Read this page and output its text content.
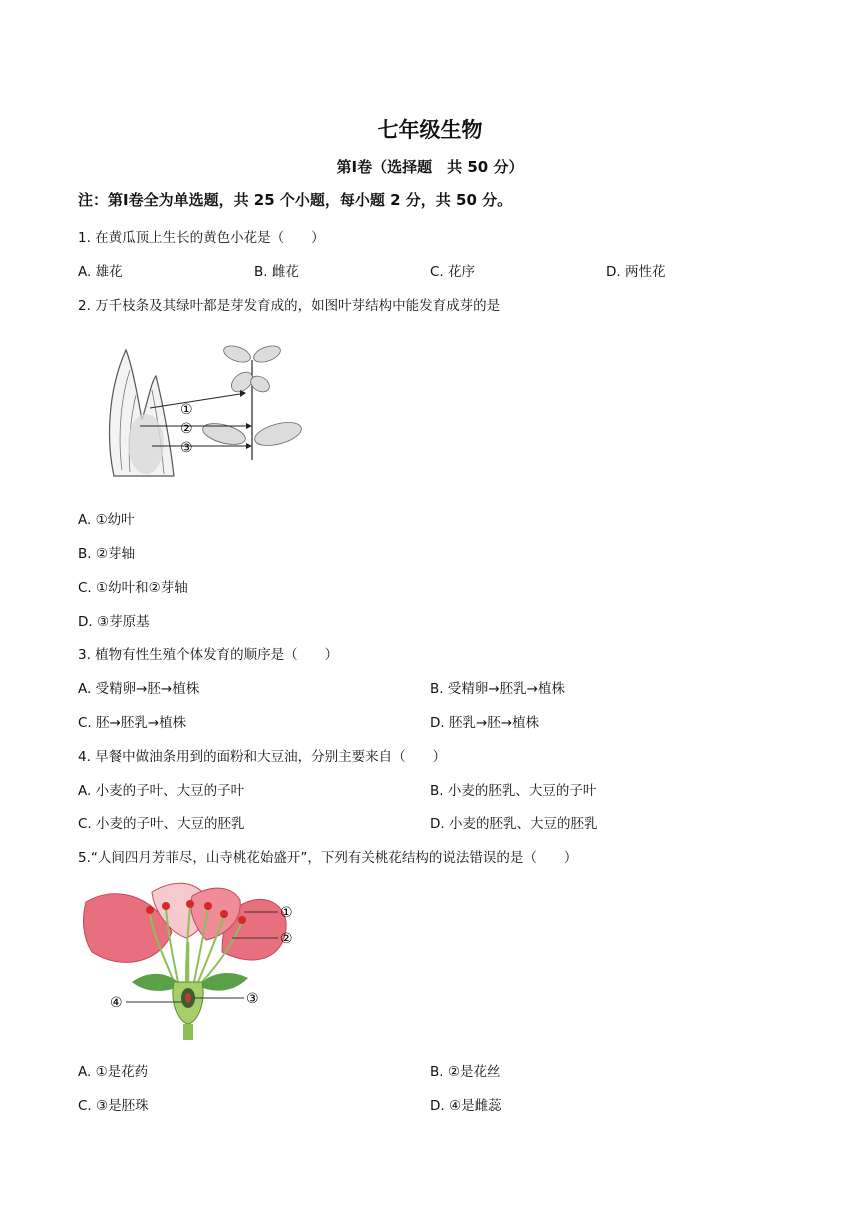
七年级生物
第Ⅰ卷（选择题　共 50 分）
注：第Ⅰ卷全为单选题，共 25 个小题，每小题 2 分，共 50 分。
1. 在黄瓜顶上生长的黄色小花是（　　）
A. 雄花	B. 雌花	C. 花序	D. 两性花
2. 万千枝条及其绿叶都是芽发育成的，如图叶芽结构中能发育成芽的是
①
②
③
A. ①幼叶
B. ②芽轴
C. ①幼叶和②芽轴
D. ③芽原基
3. 植物有性生殖个体发育的顺序是（　　）
A. 受精卵→胚→植株	B. 受精卵→胚乳→植株
C. 胚→胚乳→植株	D. 胚乳→胚→植株
4. 早餐中做油条用到的面粉和大豆油，分别主要来自（　　）
A. 小麦的子叶、大豆的子叶	B. 小麦的胚乳、大豆的子叶
C. 小麦的子叶、大豆的胚乳	D. 小麦的胚乳、大豆的胚乳
5.“人间四月芳菲尽，山寺桃花始盛开”，下列有关桃花结构的说法错误的是（　　）
①
②
③
④
A. ①是花药	B. ②是花丝
C. ③是胚珠	D. ④是雌蕊
